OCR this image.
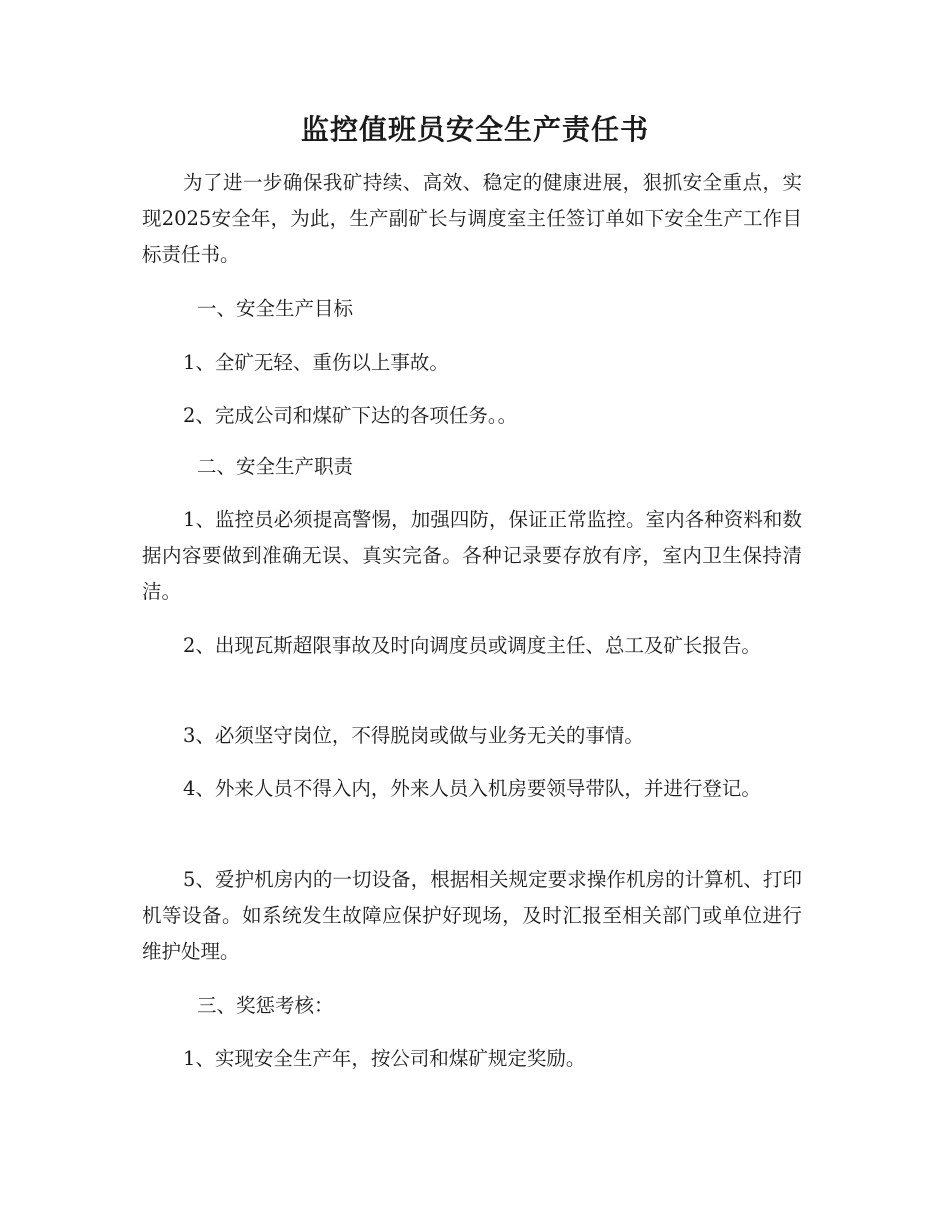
监控值班员安全生产责任书

为了进一步确保我矿持续、高效、稳定的健康进展，狠抓安全重点，实现2025安全年，为此，生产副矿长与调度室主任签订单如下安全生产工作目标责任书。

一、安全生产目标

1、全矿无轻、重伤以上事故。

2、完成公司和煤矿下达的各项任务。。

二、安全生产职责

1、监控员必须提高警惕，加强四防，保证正常监控。室内各种资料和数据内容要做到准确无误、真实完备。各种记录要存放有序，室内卫生保持清洁。

2、出现瓦斯超限事故及时向调度员或调度主任、总工及矿长报告。

3、必须坚守岗位，不得脱岗或做与业务无关的事情。

4、外来人员不得入内，外来人员入机房要领导带队，并进行登记。

5、爱护机房内的一切设备，根据相关规定要求操作机房的计算机、打印机等设备。如系统发生故障应保护好现场，及时汇报至相关部门或单位进行维护处理。

三、奖惩考核：

1、实现安全生产年，按公司和煤矿规定奖励。
